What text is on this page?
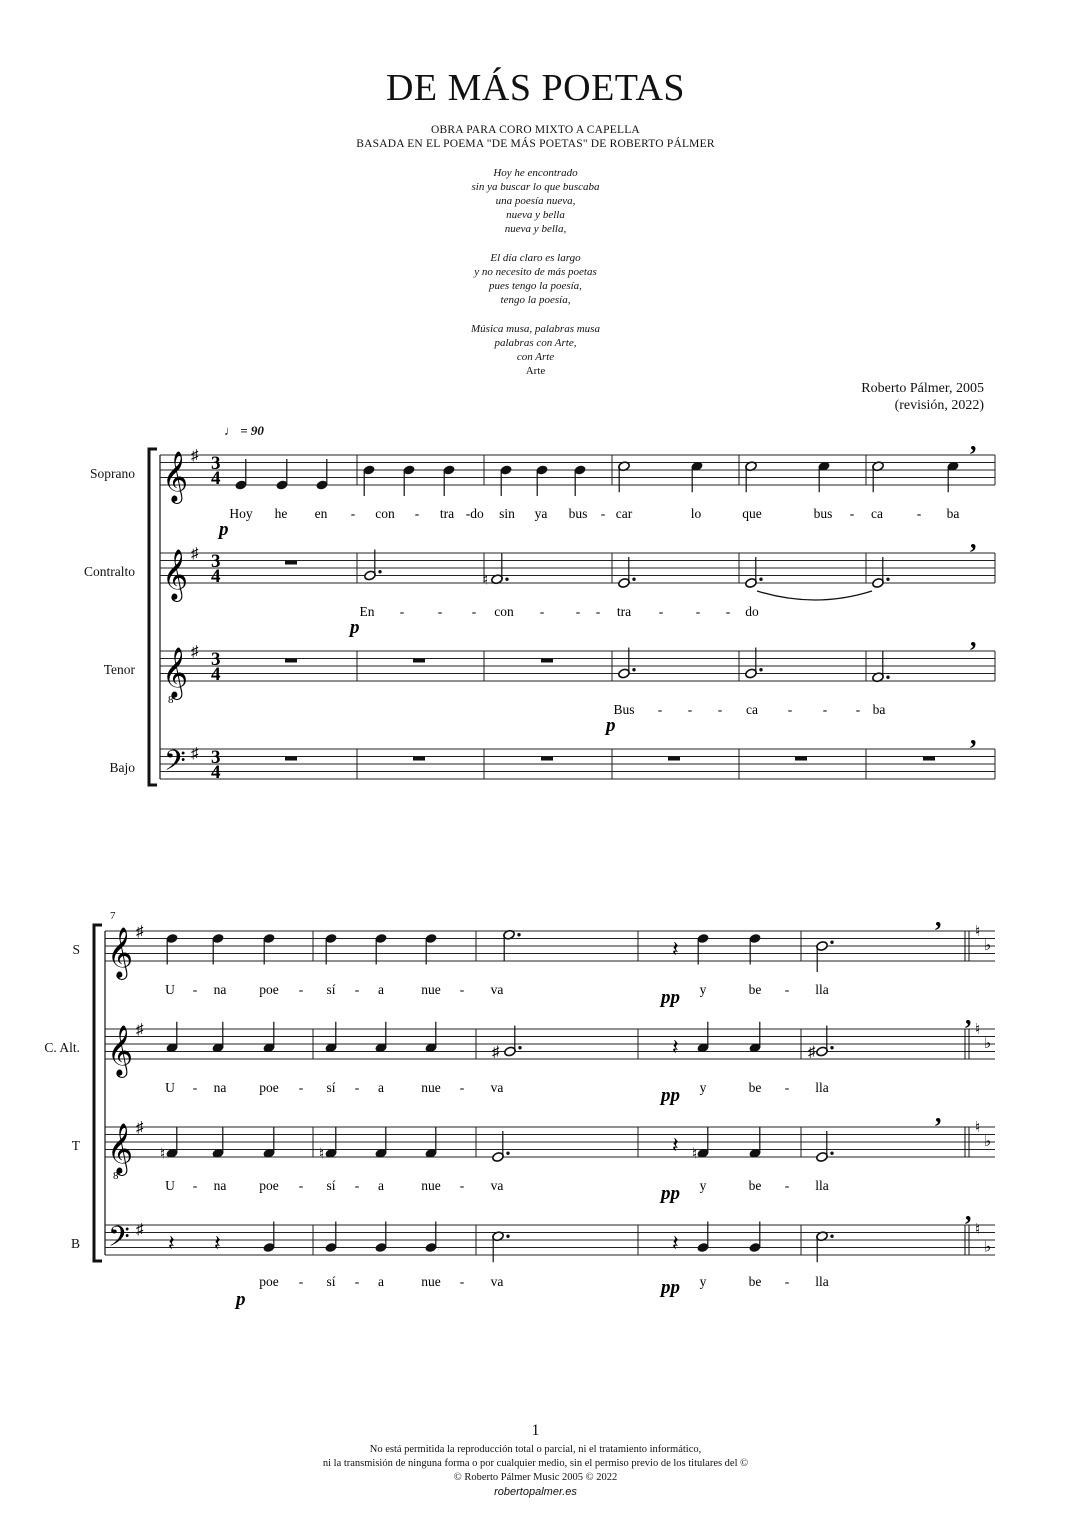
DE MÁS POETAS
OBRA PARA CORO MIXTO A CAPELLA
BASADA EN EL POEMA "DE MÁS POETAS" DE ROBERTO PÁLMER
Hoy he encontrado
sin ya buscar lo que buscaba
una poesía nueva,
nueva y bella
nueva y bella,
El día claro es largo
y no necesito de más poetas
pues tengo la poesía,
tengo la poesía,
Música musa, palabras musa
palabras con Arte,
con Arte
Arte
Roberto Pálmer, 2005
(revisión, 2022)
♩ = 90
𝄞 ♯ 3
4
,
𝄞 ♯ 3
4
,
𝄞
8
♯ 3
4
,
𝄢 ♯ 3
4
,
Hoy he en - con - tra - do sin ya bus - car	lo	que	bus - ca	- ba
p
♮
En - - - con - - - tra - - - do
p
Bus - - - ca - - - ba
p
𝄞 ♯	♮
♭
𝄞 ♯	♮
♭
𝄞
8
♯	♮
♭
𝄢 ♯	♮
♭
𝄽
,
U - na poe - sí - a	nue - va	y	be - lla
pp
♯	𝄽	♯
,
U - na poe - sí - a	nue - va	y	be - lla
pp
♮	♮	𝄽 ♮
,
U - na poe - sí - a	nue - va	y	be - lla
pp
𝄽 𝄽	𝄽
,
poe - sí - a	nue - va	y	be - lla
p
pp
Soprano
Contralto
Tenor
Bajo
S
C. Alt.
T
B
7
1
No está permitida la reproducción total o parcial, ni el tratamiento informático,
ni la transmisión de ninguna forma o por cualquier medio, sin el permiso previo de los titulares del ©
© Roberto Pálmer Music 2005 © 2022
robertopalmer.es
